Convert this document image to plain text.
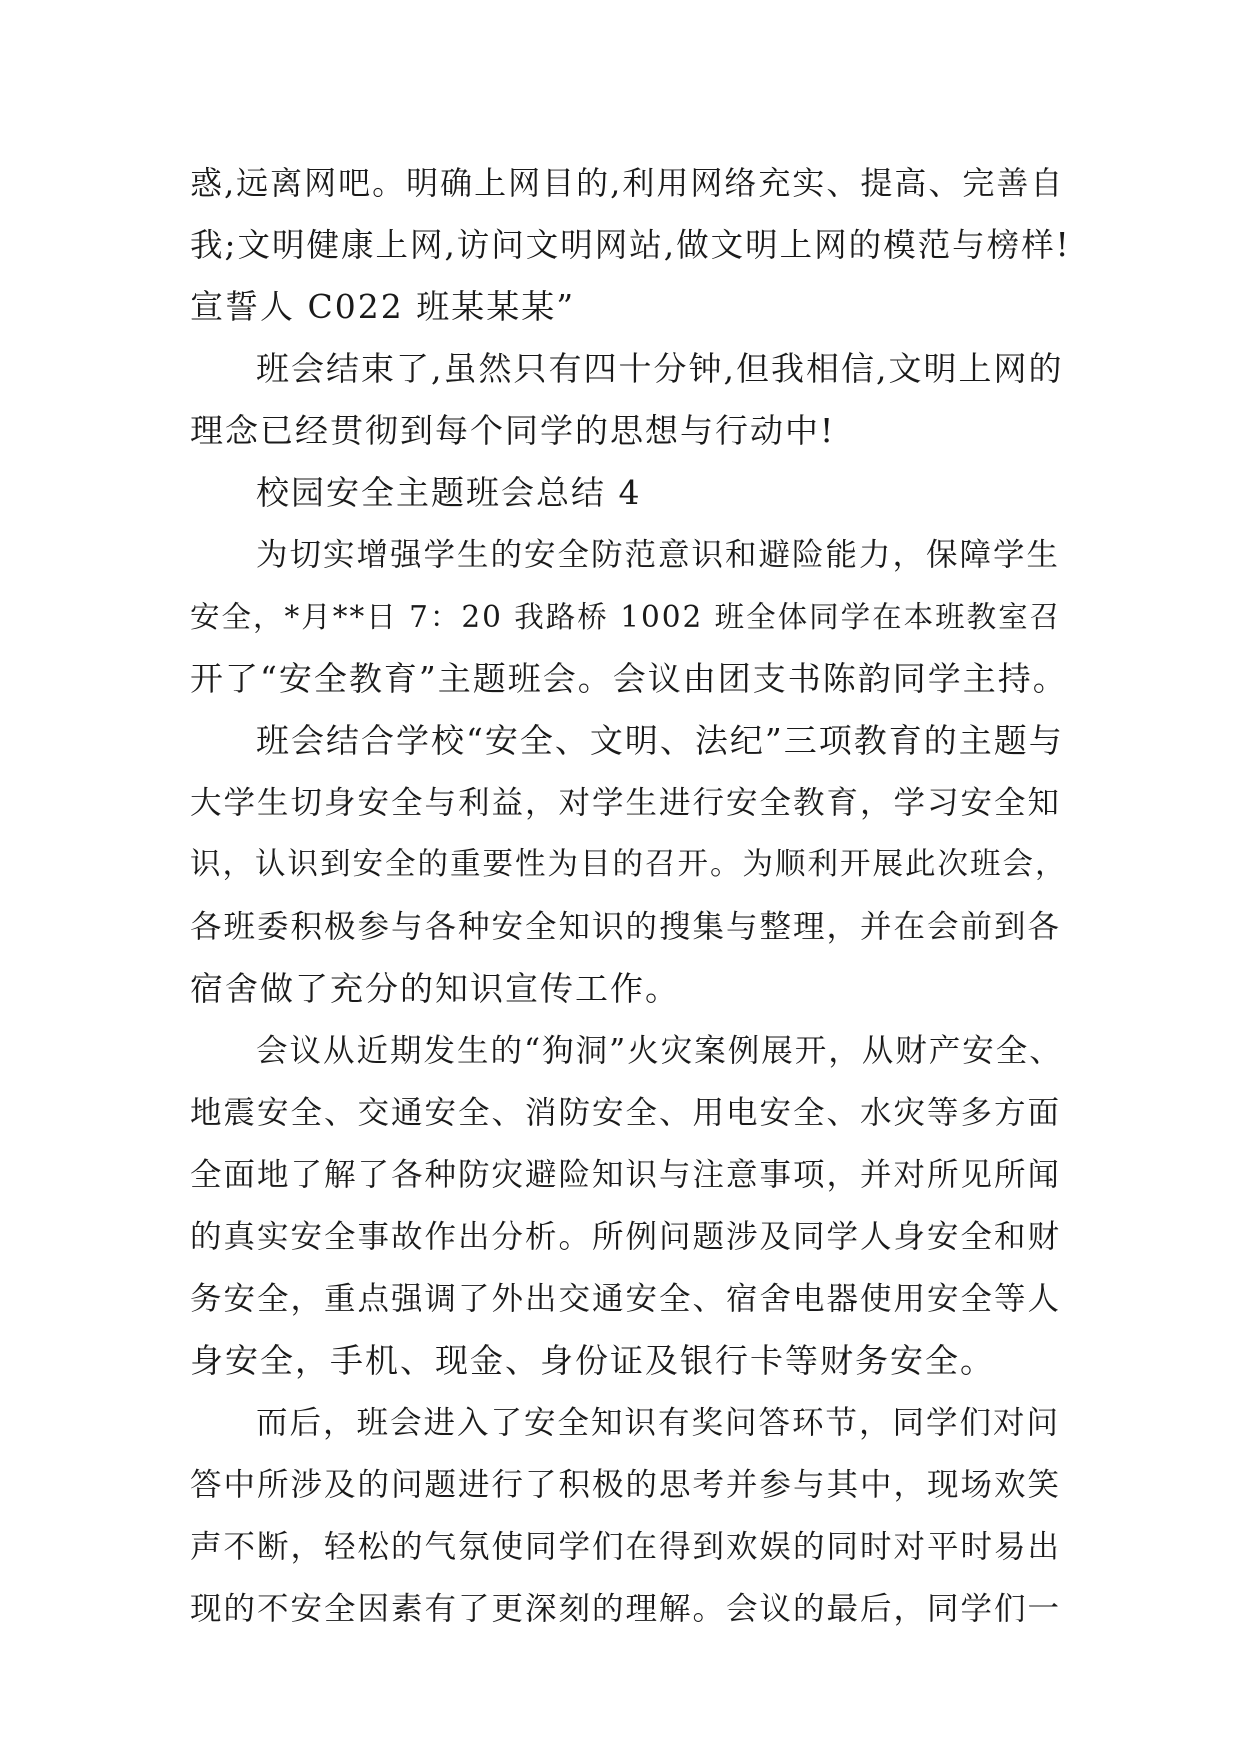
惑,远离网吧。明确上网目的,利用网络充实、提高、完善自
我;文明健康上网,访问文明网站,做文明上网的模范与榜样!
宣誓人 C022 班某某某”
班会结束了,虽然只有四十分钟,但我相信,文明上网的
理念已经贯彻到每个同学的思想与行动中!
校园安全主题班会总结 4
为切实增强学生的安全防范意识和避险能力，保障学生
安全，*月**日 7：20 我路桥 1002 班全体同学在本班教室召
开了“安全教育”主题班会。会议由团支书陈韵同学主持。
班会结合学校“安全、文明、法纪”三项教育的主题与
大学生切身安全与利益，对学生进行安全教育，学习安全知
识，认识到安全的重要性为目的召开。为顺利开展此次班会，
各班委积极参与各种安全知识的搜集与整理，并在会前到各
宿舍做了充分的知识宣传工作。
会议从近期发生的“狗洞”火灾案例展开，从财产安全、
地震安全、交通安全、消防安全、用电安全、水灾等多方面
全面地了解了各种防灾避险知识与注意事项，并对所见所闻
的真实安全事故作出分析。所例问题涉及同学人身安全和财
务安全，重点强调了外出交通安全、宿舍电器使用安全等人
身安全，手机、现金、身份证及银行卡等财务安全。
而后，班会进入了安全知识有奖问答环节，同学们对问
答中所涉及的问题进行了积极的思考并参与其中，现场欢笑
声不断，轻松的气氛使同学们在得到欢娱的同时对平时易出
现的不安全因素有了更深刻的理解。会议的最后，同学们一
